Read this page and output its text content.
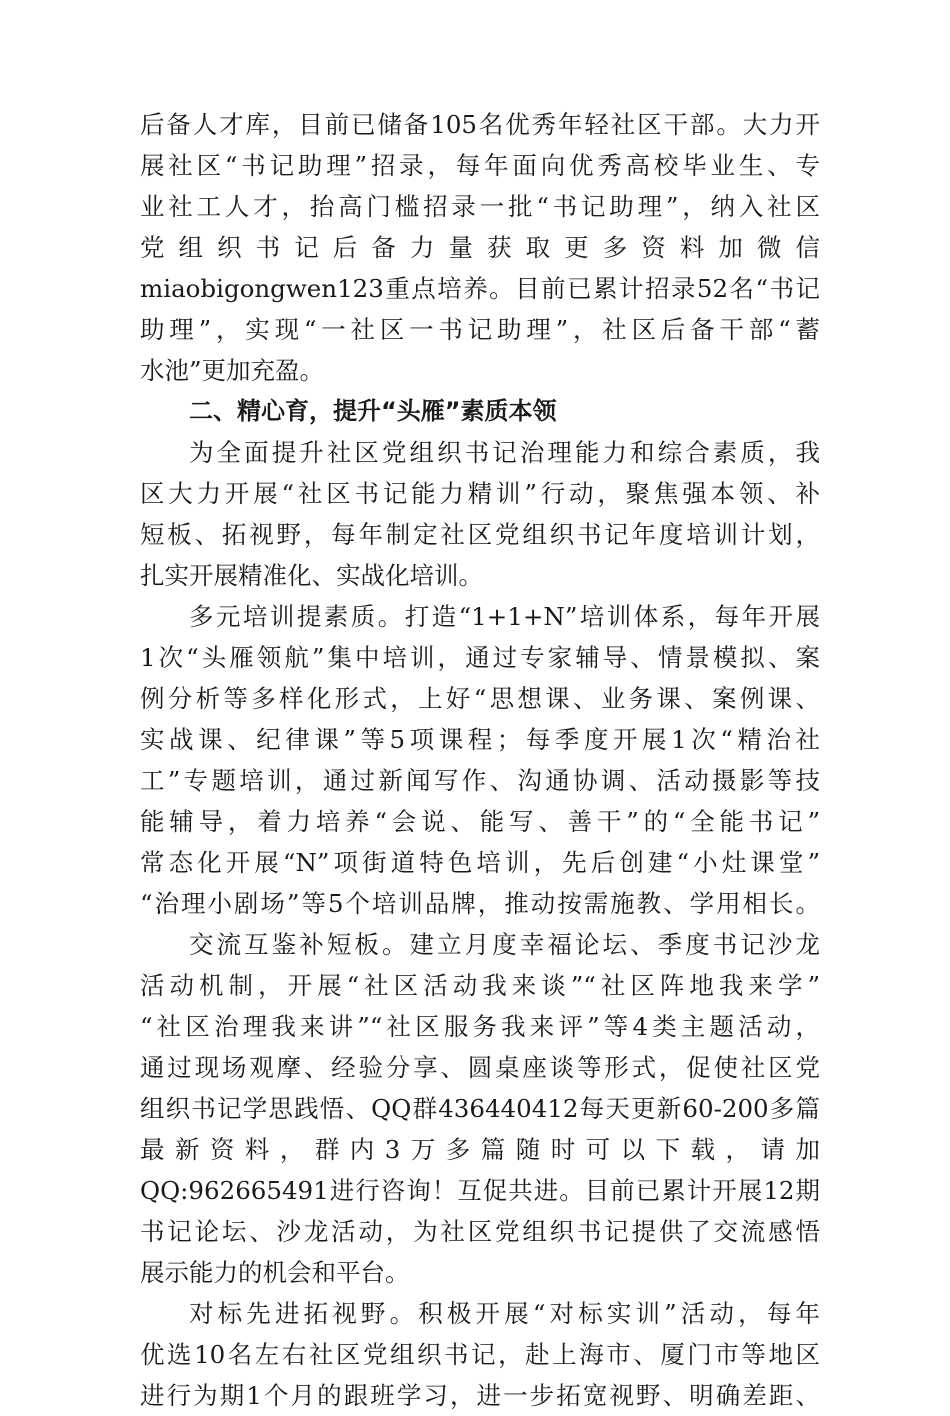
后备人才库，目前已储备105名优秀年轻社区干部。大力开
展社区“书记助理”招录，每年面向优秀高校毕业生、专
业社工人才，抬高门槛招录一批“书记助理”，纳入社区
党组织书记后备力量获取更多资料加微信
miaobigongwen123重点培养。目前已累计招录52名“书记
助理”，实现“一社区一书记助理”，社区后备干部“蓄
水池”更加充盈。
二、精心育，提升“头雁”素质本领
为全面提升社区党组织书记治理能力和综合素质，我
区大力开展“社区书记能力精训”行动，聚焦强本领、补
短板、拓视野，每年制定社区党组织书记年度培训计划，
扎实开展精准化、实战化培训。
多元培训提素质。打造“1+1+N”培训体系，每年开展
1次“头雁领航”集中培训，通过专家辅导、情景模拟、案
例分析等多样化形式，上好“思想课、业务课、案例课、
实战课、纪律课”等5项课程；每季度开展1次“精治社
工”专题培训，通过新闻写作、沟通协调、活动摄影等技
能辅导，着力培养“会说、能写、善干”的“全能书记”
常态化开展“N”项街道特色培训，先后创建“小灶课堂”
“治理小剧场”等5个培训品牌，推动按需施教、学用相长。
交流互鉴补短板。建立月度幸福论坛、季度书记沙龙
活动机制，开展“社区活动我来谈”“社区阵地我来学”
“社区治理我来讲”“社区服务我来评”等4类主题活动，
通过现场观摩、经验分享、圆桌座谈等形式，促使社区党
组织书记学思践悟、QQ群436440412每天更新60-200多篇
最新资料，群内3万多篇随时可以下载，请加
QQ:962665491进行咨询！互促共进。目前已累计开展12期
书记论坛、沙龙活动，为社区党组织书记提供了交流感悟
展示能力的机会和平台。
对标先进拓视野。积极开展“对标实训”活动，每年
优选10名左右社区党组织书记，赴上海市、厦门市等地区
进行为期1个月的跟班学习，进一步拓宽视野、明确差距、
